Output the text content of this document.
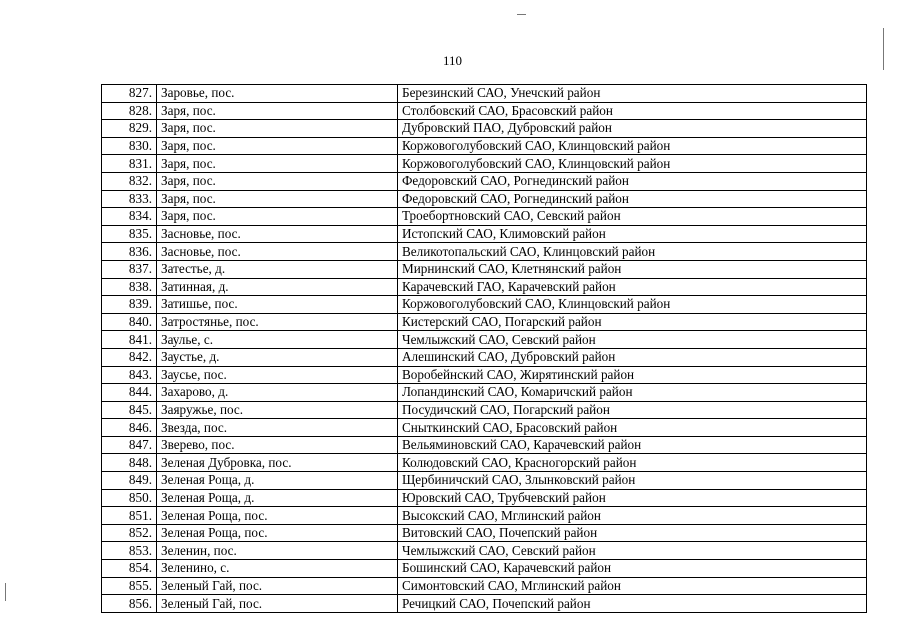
110
827.	Заровье, пос.	Березинский САО, Унечский район
828.	Заря, пос.	Столбовский САО, Брасовский район
829.	Заря, пос.	Дубровский ПАО, Дубровский район
830.	Заря, пос.	Коржовоголубовский САО, Клинцовский район
831.	Заря, пос.	Коржовоголубовский САО, Клинцовский район
832.	Заря, пос.	Федоровский САО, Рогнединский район
833.	Заря, пос.	Федоровский САО, Рогнединский район
834.	Заря, пос.	Троебортновский САО, Севский район
835.	Засновье, пос.	Истопский САО, Климовский район
836.	Засновье, пос.	Великотопальский САО, Клинцовский район
837.	Затестье, д.	Мирнинский САО, Клетнянский район
838.	Затинная, д.	Карачевский ГАО, Карачевский район
839.	Затишье, пос.	Коржовоголубовский САО, Клинцовский район
840.	Затростянье, пос.	Кистерский САО, Погарский район
841.	Заулье, с.	Чемлыжский САО, Севский район
842.	Заустье, д.	Алешинский САО, Дубровский район
843.	Заусье, пос.	Воробейнский САО, Жирятинский район
844.	Захарово, д.	Лопандинский САО, Комаричский район
845.	Заяружье, пос.	Посудичский САО, Погарский район
846.	Звезда, пос.	Сныткинский САО, Брасовский район
847.	Зверево, пос.	Вельяминовский САО, Карачевский район
848.	Зеленая Дубровка, пос.	Колюдовский САО, Красногорский район
849.	Зеленая Роща, д.	Щербиничский САО, Злынковский район
850.	Зеленая Роща, д.	Юровский САО, Трубчевский район
851.	Зеленая Роща, пос.	Высокский САО, Мглинский район
852.	Зеленая Роща, пос.	Витовский САО, Почепский район
853.	Зеленин, пос.	Чемлыжский САО, Севский район
854.	Зеленино, с.	Бошинский САО, Карачевский район
855.	Зеленый Гай, пос.	Симонтовский САО, Мглинский район
856.	Зеленый Гай, пос.	Речицкий САО, Почепский район
